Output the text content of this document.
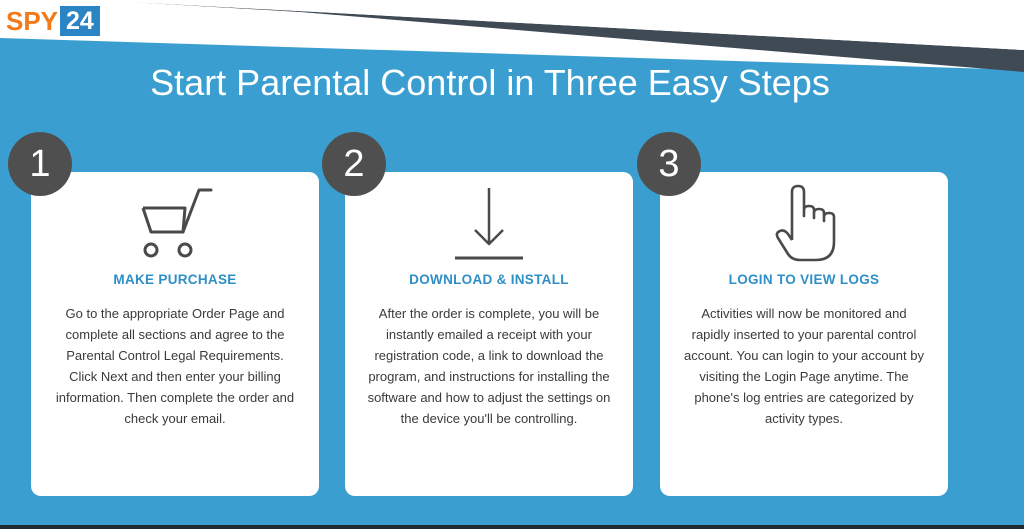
SPY 24
Start Parental Control in Three Easy Steps
MAKE PURCHASE
Go to the appropriate Order Page and complete all sections and agree to the Parental Control Legal Requirements. Click Next and then enter your billing information. Then complete the order and check your email.
DOWNLOAD & INSTALL
After the order is complete, you will be instantly emailed a receipt with your registration code, a link to download the program, and instructions for installing the software and how to adjust the settings on the device you'll be controlling.
LOGIN TO VIEW LOGS
Activities will now be monitored and rapidly inserted to your parental control account. You can login to your account by visiting the Login Page anytime. The phone's log entries are categorized by activity types.
1	2	3
